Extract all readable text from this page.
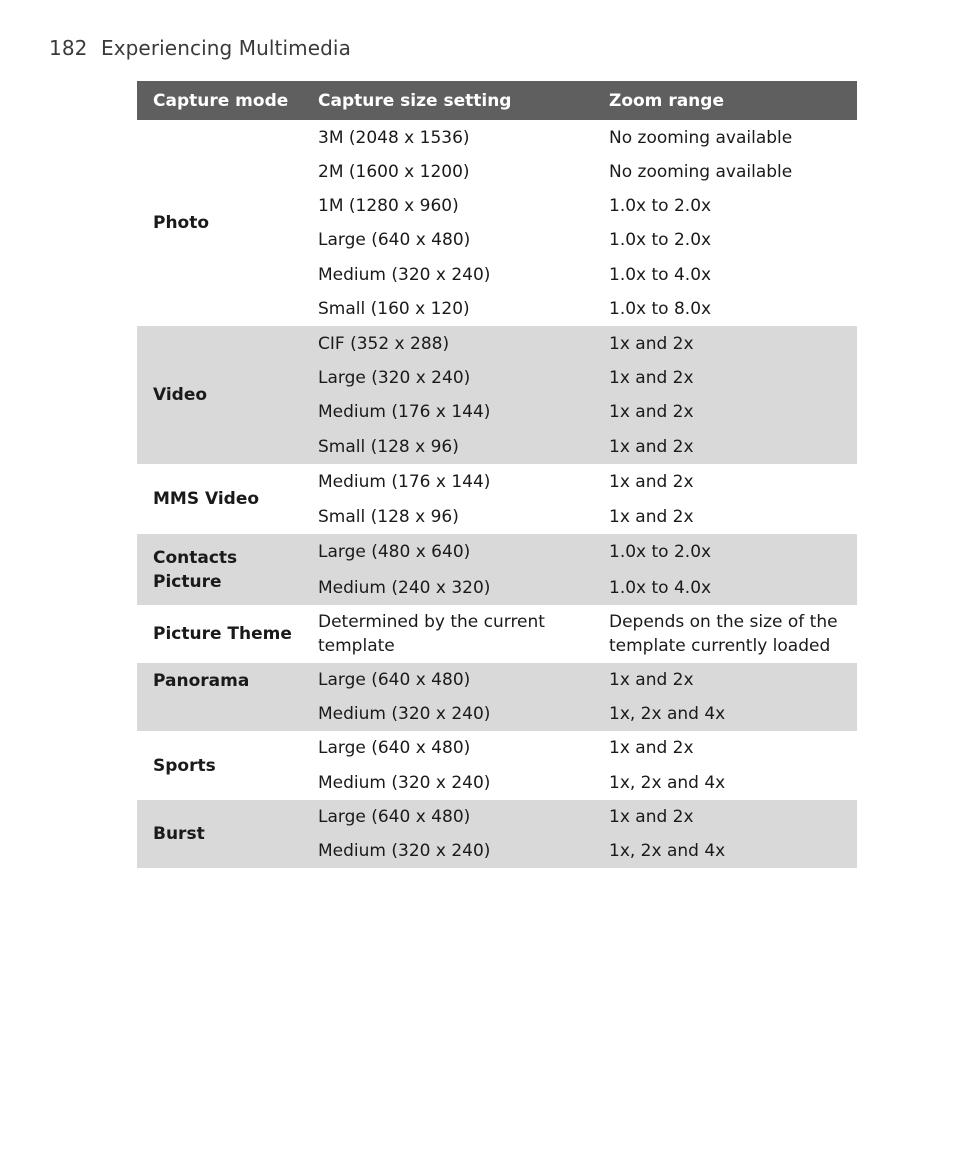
182 Experiencing Multimedia
Capture mode	Capture size setting	Zoom range
Photo	3M (2048 x 1536)	No zooming available
	2M (1600 x 1200)	No zooming available
	1M (1280 x 960)	1.0x to 2.0x
	Large (640 x 480)	1.0x to 2.0x
	Medium (320 x 240)	1.0x to 4.0x
	Small (160 x 120)	1.0x to 8.0x
Video	CIF (352 x 288)	1x and 2x
	Large (320 x 240)	1x and 2x
	Medium (176 x 144)	1x and 2x
	Small (128 x 96)	1x and 2x
MMS Video	Medium (176 x 144)	1x and 2x
	Small (128 x 96)	1x and 2x
Contacts Picture	Large (480 x 640)	1.0x to 2.0x
	Medium (240 x 320)	1.0x to 4.0x
Picture Theme	Determined by the current template	Depends on the size of the template currently loaded
Panorama	Large (640 x 480)	1x and 2x
	Medium (320 x 240)	1x, 2x and 4x
Sports	Large (640 x 480)	1x and 2x
	Medium (320 x 240)	1x, 2x and 4x
Burst	Large (640 x 480)	1x and 2x
	Medium (320 x 240)	1x, 2x and 4x
